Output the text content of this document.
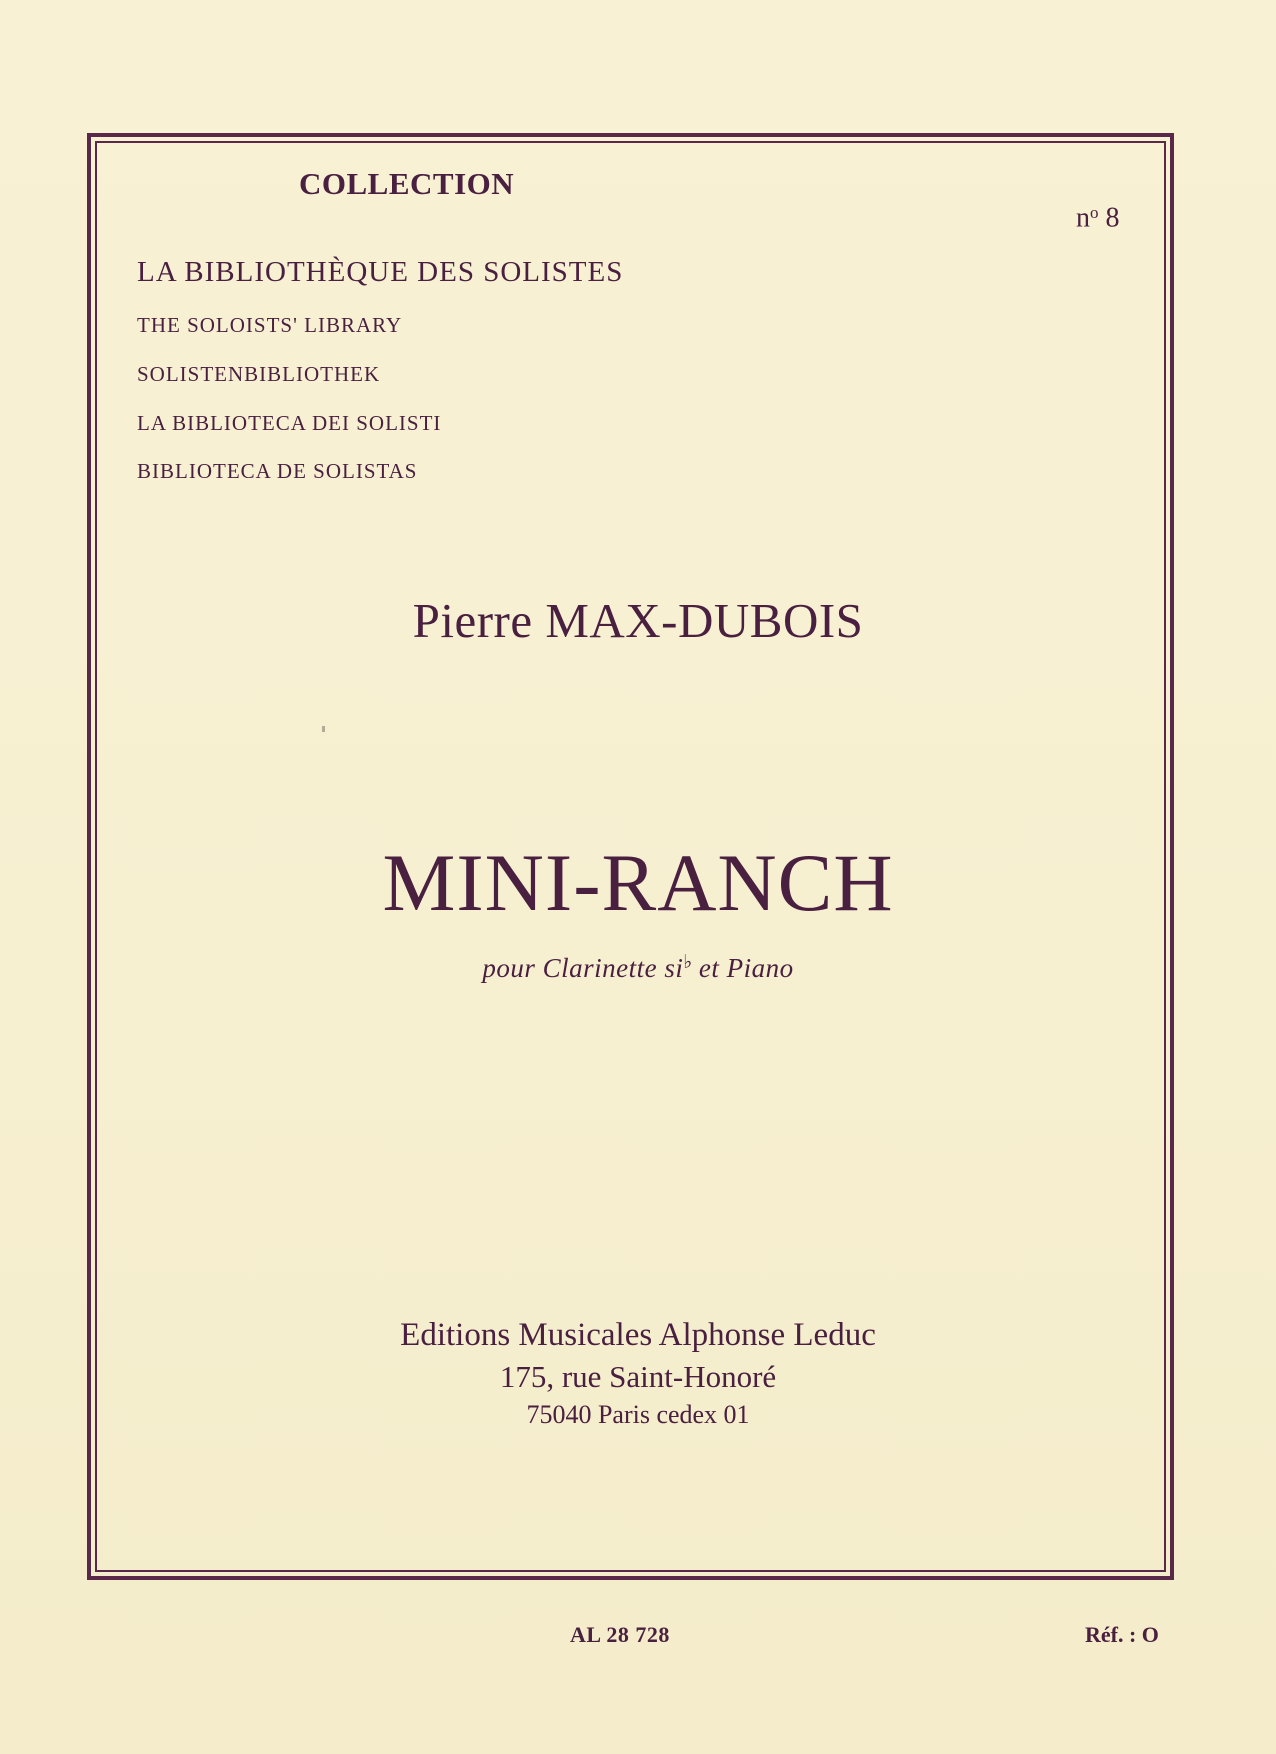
COLLECTION
$n^o$ 8
LA BIBLIOTHÈQUE DES SOLISTES
THE SOLOISTS' LIBRARY
SOLISTENBIBLIOTHEK
LA BIBLIOTECA DEI SOLISTI
BIBLIOTECA DE SOLISTAS
Pierre MAX-DUBOIS
MINI-RANCH
pour Clarinette si♭ et Piano
Editions Musicales Alphonse Leduc
175, rue Saint-Honoré
75040 Paris cedex 01
AL 28 728	Réf. : O
